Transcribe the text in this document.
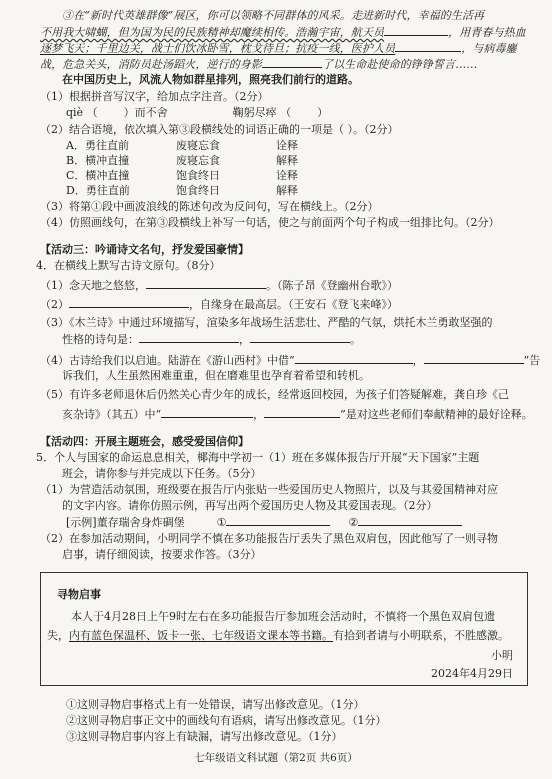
③在“新时代英雄群像”展区，你可以领略不同群体的风采。走进新时代，幸福的生活再
不用我大啸蝴，但为国为民的民族精神却魔续相传。浩瀚宇宙，航天员	，用青春与热血
逐梦飞天；千里边关，战士们饮冰卧雪，枕戈待旦；抗疫一线，医护人员	，与病毒鏖
战，危急关头，消防员赴汤蹈火，逆行的身影	了以生命赴使命的铮铮誓言……
在中国历史上，风流人物如群星排列，照亮我们前行的道路。
（1）根据拼音写汉字，给加点字注音。（2分）
qiè （ ）而不舍	鞠躬尽瘁 （ ）
（2）结合语境，依次填入第③段横线处的词语正确的一项是（ ）。（2分）
A．勇往直前	废寝忘食	诠释
B．横冲直撞	废寝忘食	解释
C．横冲直撞	饱食终日	诠释
D．勇往直前	饱食终日	解释
（3）将第①段中画波浪线的陈述句改为反问句，写在横线上。（2分）
（4）仿照画线句，在第③段横线上补写一句话，使之与前面两个句子构成一组排比句。（2分）
【活动三：吟诵诗文名句，抒发爱国豪情】
4．在横线上默写古诗文原句。（8分）
（1）念天地之悠悠，	。（陈子昂《登幽州台歌》）
（2）	，自缘身在最高层。（王安石《登飞来峰》）
（3）《木兰诗》中通过环境描写，渲染多年战场生活悲壮、严酷的气氛，烘托木兰勇敢坚强的
性格的诗句是：	，	。
（4）古诗给我们以启迪。陆游在《游山西村》中借“	，	”告
诉我们，人生虽然困难重重，但在磨难里也孕育着希望和转机。
（5）有许多老师退休后仍然关心青少年的成长，经常返回校园，为孩子们答疑解难，龚自珍《己
亥杂诗》（其五）中“	，	”是对这些老师们奉献精神的最好诠释。
【活动四：开展主题班会，感受爱国信仰】
5．个人与国家的命运息息相关，椰海中学初一（1）班在多媒体报告厅开展“天下国家”主题
班会，请你参与并完成以下任务。（5分）
（1）为营造活动氛围，班级要在报告厅内张贴一些爱国历史人物照片，以及与其爱国精神对应
的文字内容。请你仿照示例，再写出两个爱国历史人物及其爱国表现。（2分）
[示例]董存瑞舍身炸碉堡	①	②
（2）在参加活动期间，小明同学不慎在多功能报告厅丢失了黑色双肩包，因此他写了一则寻物
启事，请仔细阅读，按要求作答。（3分）
寻物启事
本人于4月28日上午9时左右在多功能报告厅参加班会活动时，不慎将一个黑色双肩包遗
失，内有蓝色保温杯、饭卡一张、七年级语文课本等书籍。有拾到者请与小明联系，不胜感激。
小明
2024年4月29日
①这则寻物启事格式上有一处错误，请写出修改意见。（1分）
②这则寻物启事正文中的画线句有语病，请写出修改意见。（1分）
③这则寻物启事内容上有缺漏，请写出修改意见。（1分）
七年级语文科试题（第2页 共6页）
